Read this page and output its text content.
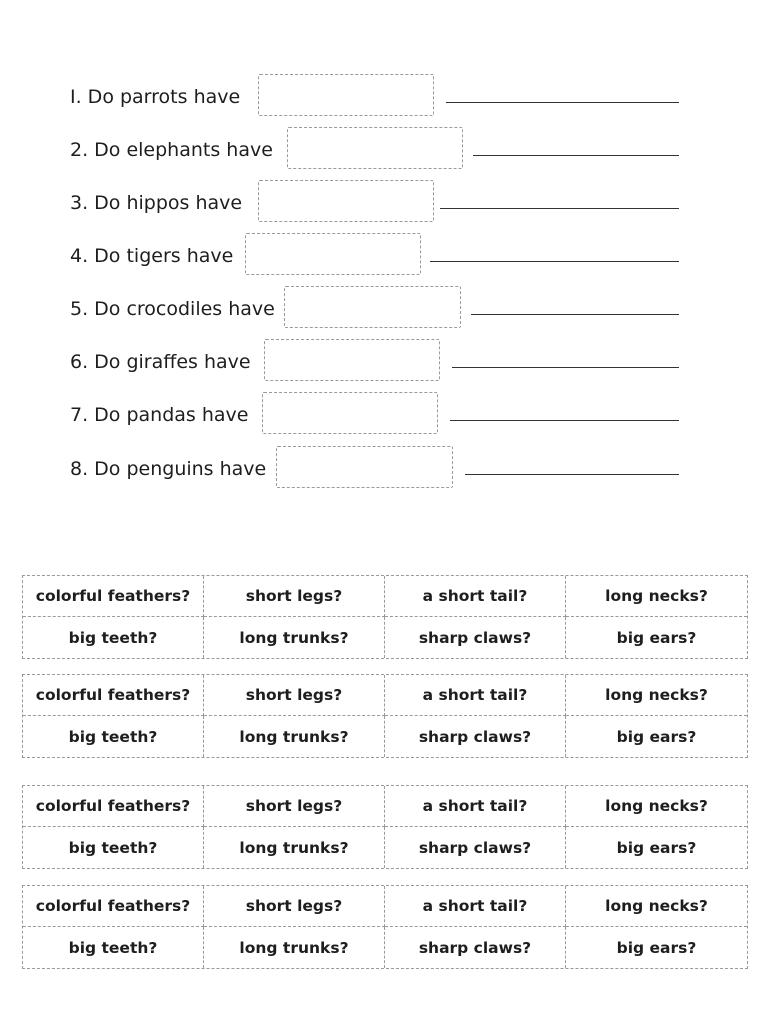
I. Do parrots have
2. Do elephants have
3. Do hippos have
4. Do tigers have
5. Do crocodiles have
6. Do giraffes have
7. Do pandas have
8. Do penguins have
colorful feathers?	short legs?	a short tail?	long necks?
big teeth?	long trunks?	sharp claws?	big ears?
colorful feathers?	short legs?	a short tail?	long necks?
big teeth?	long trunks?	sharp claws?	big ears?
colorful feathers?	short legs?	a short tail?	long necks?
big teeth?	long trunks?	sharp claws?	big ears?
colorful feathers?	short legs?	a short tail?	long necks?
big teeth?	long trunks?	sharp claws?	big ears?
